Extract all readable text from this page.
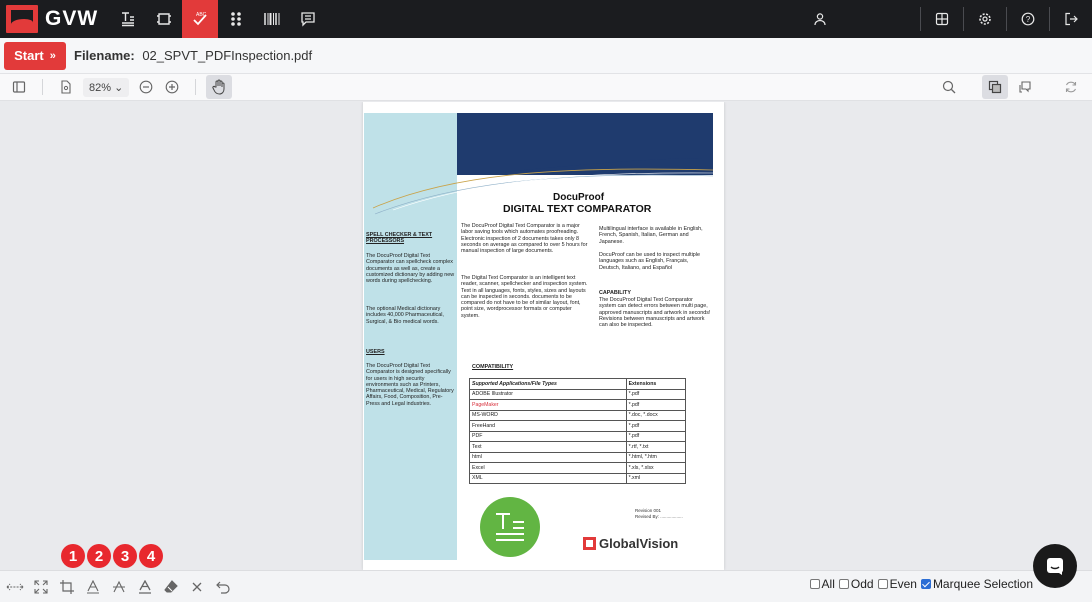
GVW	ABC	?
Start » Filename: 02_SPVT_PDFInspection.pdf
82% ⌄
DocuProof
DIGITAL TEXT COMPARATOR
SPELL CHECKER & TEXT PROCESSORS
The DocuProof Digital Text Comparator can spellcheck complex documents as well as, create a customized dictionary by adding new words during spellchecking.
The optional Medical dictionary includes 40,000 Pharmaceutical, Surgical, & Bio medical words.
USERS
The DocuProof Digital Text Comparator is designed specifically for users in high security environments such as Printers, Pharmaceutical, Medical, Regulatory Affairs, Food, Composition, Pre-Press and Legal industries.
The DocuProof Digital Text Comparator is a major labor saving tools which automates proofreading. Electronic inspection of 2 documents takes only 8 seconds on average as compared to over 5 hours for manual inspection of large documents.
The Digital Text Comparator is an intelligent text reader, scanner, spellchecker and inspection system. Text in all languages, fonts, styles, sizes and layouts can be inspected in seconds. documents to be compared do not have to be of similar layout, font, point size, wordprocessor formats or computer system.
Multilingual interface is available in English, French, Spanish, Italian, German and Japanese.
DocuProof can be used to inspect multiple languages such as English, Français, Deutsch, Italiano, and Español
CAPABILITY
The DocuProof Digital Text Comparator system can detect errors between multi page, approved manuscripts and artwork in seconds! Revisions between manuscripts and artwork can also be inspected.
COMPATIBILITY
Supported Applications/File Types	Extensions
ADOBE Illustrator	*.pdf
PageMaker	*.pdf
MS-WORD	*.doc, *.docx
FreeHand	*.pdf
PDF	*.pdf
Text	*.rtf, *.txt
html	*.html, *.htm
Excel	*.xls, *.xlsx
XML	*.xml
Revision 001
Revised By: ..................
GlobalVision
1	2	3	4
All Odd Even Marquee Selection
